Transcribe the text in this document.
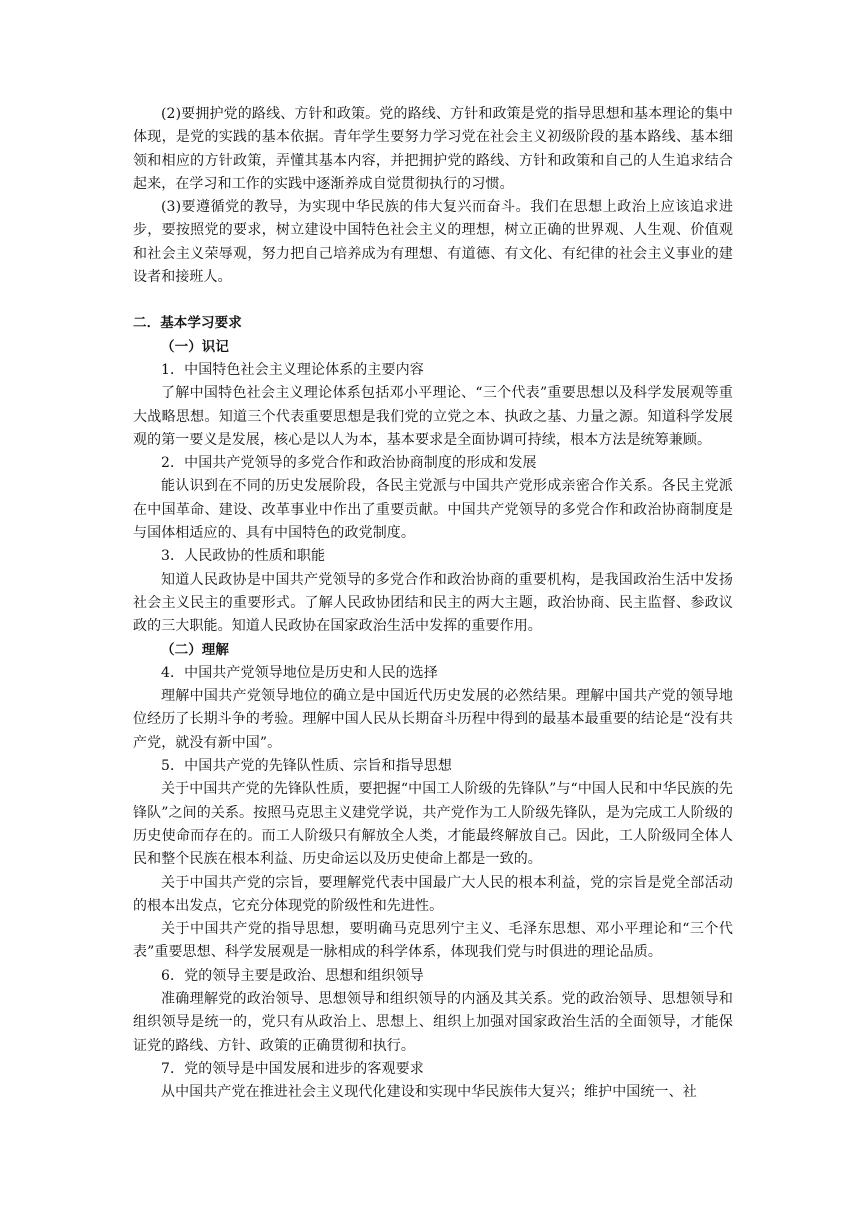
(2)要拥护党的路线、方针和政策。党的路线、方针和政策是党的指导思想和基本理论的集中体现，是党的实践的基本依据。青年学生要努力学习党在社会主义初级阶段的基本路线、基本细领和相应的方针政策，弄懂其基本内容，并把拥护党的路线、方针和政策和自己的人生追求结合起来，在学习和工作的实践中逐渐养成自觉贯彻执行的习惯。

(3)要遵循党的教导，为实现中华民族的伟大复兴而奋斗。我们在思想上政治上应该追求进步，要按照党的要求，树立建设中国特色社会主义的理想，树立正确的世界观、人生观、价值观和社会主义荣辱观，努力把自己培养成为有理想、有道德、有文化、有纪律的社会主义事业的建设者和接班人。

二．基本学习要求

（一）识记

1．中国特色社会主义理论体系的主要内容

了解中国特色社会主义理论体系包括邓小平理论、“三个代表”重要思想以及科学发展观等重大战略思想。知道三个代表重要思想是我们党的立党之本、执政之基、力量之源。知道科学发展观的第一要义是发展，核心是以人为本，基本要求是全面协调可持续，根本方法是统筹兼顾。

2．中国共产党领导的多党合作和政治协商制度的形成和发展

能认识到在不同的历史发展阶段，各民主党派与中国共产党形成亲密合作关系。各民主党派在中国革命、建设、改革事业中作出了重要贡献。中国共产党领导的多党合作和政治协商制度是与国体相适应的、具有中国特色的政党制度。

3．人民政协的性质和职能

知道人民政协是中国共产党领导的多党合作和政治协商的重要机构，是我国政治生活中发扬社会主义民主的重要形式。了解人民政协团结和民主的两大主题，政治协商、民主监督、参政议政的三大职能。知道人民政协在国家政治生活中发挥的重要作用。

（二）理解

4．中国共产党领导地位是历史和人民的选择

理解中国共产党领导地位的确立是中国近代历史发展的必然结果。理解中国共产党的领导地位经历了长期斗争的考验。理解中国人民从长期奋斗历程中得到的最基本最重要的结论是“没有共产党，就没有新中国”。

5．中国共产党的先锋队性质、宗旨和指导思想

关于中国共产党的先锋队性质，要把握“中国工人阶级的先锋队”与“中国人民和中华民族的先锋队”之间的关系。按照马克思主义建党学说，共产党作为工人阶级先锋队，是为完成工人阶级的历史使命而存在的。而工人阶级只有解放全人类，才能最终解放自己。因此，工人阶级同全体人民和整个民族在根本利益、历史命运以及历史使命上都是一致的。

关于中国共产党的宗旨，要理解党代表中国最广大人民的根本利益，党的宗旨是党全部活动的根本出发点，它充分体现党的阶级性和先进性。

关于中国共产党的指导思想，要明确马克思列宁主义、毛泽东思想、邓小平理论和“三个代表”重要思想、科学发展观是一脉相成的科学体系，体现我们党与时俱进的理论品质。

6．党的领导主要是政治、思想和组织领导

准确理解党的政治领导、思想领导和组织领导的内涵及其关系。党的政治领导、思想领导和组织领导是统一的，党只有从政治上、思想上、组织上加强对国家政治生活的全面领导，才能保证党的路线、方针、政策的正确贯彻和执行。

7．党的领导是中国发展和进步的客观要求

从中国共产党在推进社会主义现代化建设和实现中华民族伟大复兴；维护中国统一、社
